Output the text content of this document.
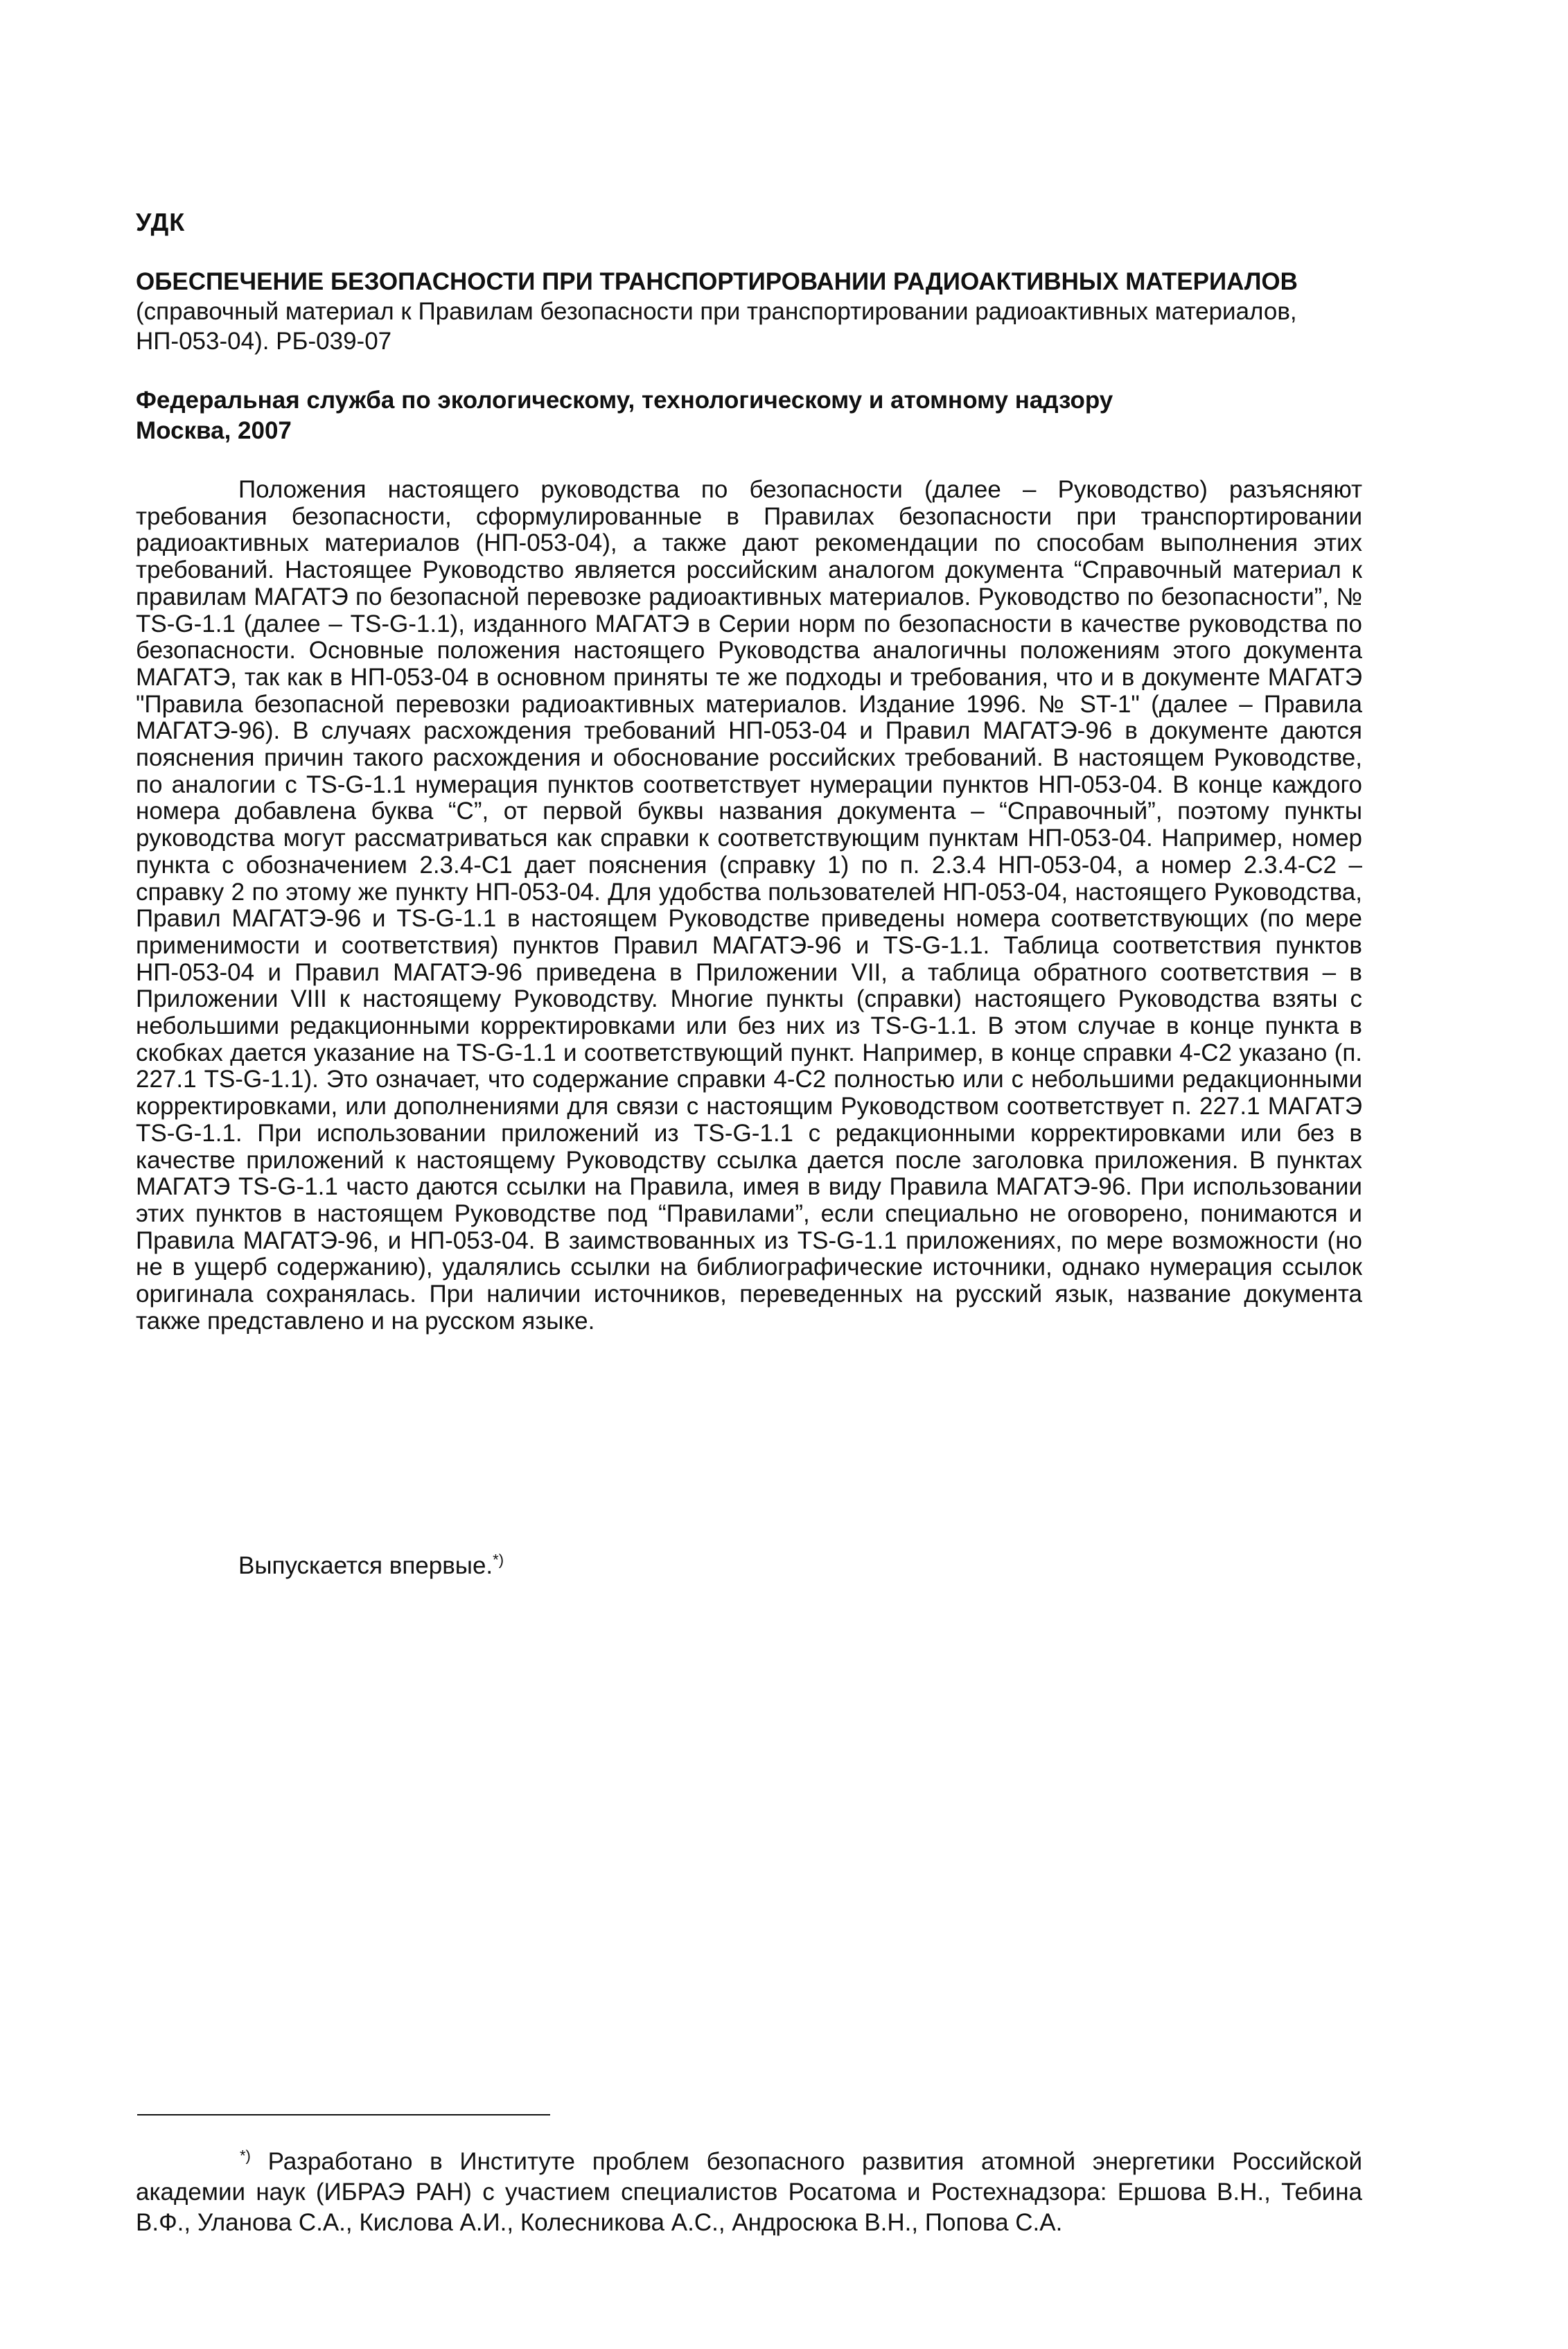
УДК
ОБЕСПЕЧЕНИЕ БЕЗОПАСНОСТИ ПРИ ТРАНСПОРТИРОВАНИИ РАДИОАКТИВНЫХ МАТЕРИАЛОВ (справочный материал к Правилам безопасности при транспортировании радиоактивных материалов, НП-053-04). РБ-039-07
Федеральная служба по экологическому, технологическому и атомному надзору
Москва, 2007

Положения настоящего руководства по безопасности (далее – Руководство) разъясняют требования безопасности, сформулированные в Правилах безопасности при транспортировании радиоактивных материалов (НП-053-04), а также дают рекомендации по способам выполнения этих требований. Настоящее Руководство является российским аналогом документа “Справочный материал к правилам МАГАТЭ по безопасной перевозке радиоактивных материалов. Руководство по безопасности”, № TS-G-1.1 (далее – TS-G-1.1), изданного МАГАТЭ в Серии норм по безопасности в качестве руководства по безопасности. Основные положения настоящего Руководства аналогичны положениям этого документа МАГАТЭ, так как в НП-053-04 в основном приняты те же подходы и требования, что и в документе МАГАТЭ "Правила безопасной перевозки радиоактивных материалов. Издание 1996. № ST-1" (далее – Правила МАГАТЭ-96). В случаях расхождения требований НП-053-04 и Правил МАГАТЭ-96 в документе даются пояснения причин такого расхождения и обоснование российских требований. В настоящем Руководстве, по аналогии с TS-G-1.1 нумерация пунктов соответствует нумерации пунктов НП-053-04. В конце каждого номера добавлена буква “С”, от первой буквы названия документа – “Справочный”, поэтому пункты руководства могут рассматриваться как справки к соответствующим пунктам НП-053-04. Например, номер пункта с обозначением 2.3.4-С1 дает пояснения (справку 1) по п. 2.3.4 НП-053-04, а номер 2.3.4-С2 – справку 2 по этому же пункту НП-053-04. Для удобства пользователей НП-053-04, настоящего Руководства, Правил МАГАТЭ-96 и TS-G-1.1 в настоящем Руководстве приведены номера соответствующих (по мере применимости и соответствия) пунктов Правил МАГАТЭ-96 и TS-G-1.1. Таблица соответствия пунктов НП-053-04 и Правил МАГАТЭ-96 приведена в Приложении VII, а таблица обратного соответствия – в Приложении VIII к настоящему Руководству. Многие пункты (справки) настоящего Руководства взяты с небольшими редакционными корректировками или без них из TS-G-1.1. В этом случае в конце пункта в скобках дается указание на TS-G-1.1 и соответствующий пункт. Например, в конце справки 4-С2 указано (п. 227.1 TS-G-1.1). Это означает, что содержание справки 4-С2 полностью или с небольшими редакционными корректировками, или дополнениями для связи с настоящим Руководством соответствует п. 227.1 МАГАТЭ TS-G-1.1. При использовании приложений из TS-G-1.1 с редакционными корректировками или без в качестве приложений к настоящему Руководству ссылка дается после заголовка приложения. В пунктах МАГАТЭ TS-G-1.1 часто даются ссылки на Правила, имея в виду Правила МАГАТЭ-96. При использовании этих пунктов в настоящем Руководстве под “Правилами”, если специально не оговорено, понимаются и Правила МАГАТЭ-96, и НП-053-04. В заимствованных из TS-G-1.1 приложениях, по мере возможности (но не в ущерб содержанию), удалялись ссылки на библиографические источники, однако нумерация ссылок оригинала сохранялась. При наличии источников, переведенных на русский язык, название документа также представлено и на русском языке.

Выпускается впервые.*)

*) Разработано в Институте проблем безопасного развития атомной энергетики Российской академии наук (ИБРАЭ РАН) с участием специалистов Росатома и Ростехнадзора: Ершова В.Н., Тебина В.Ф., Уланова С.А., Кислова А.И., Колесникова А.С., Андросюка В.Н., Попова С.А.
